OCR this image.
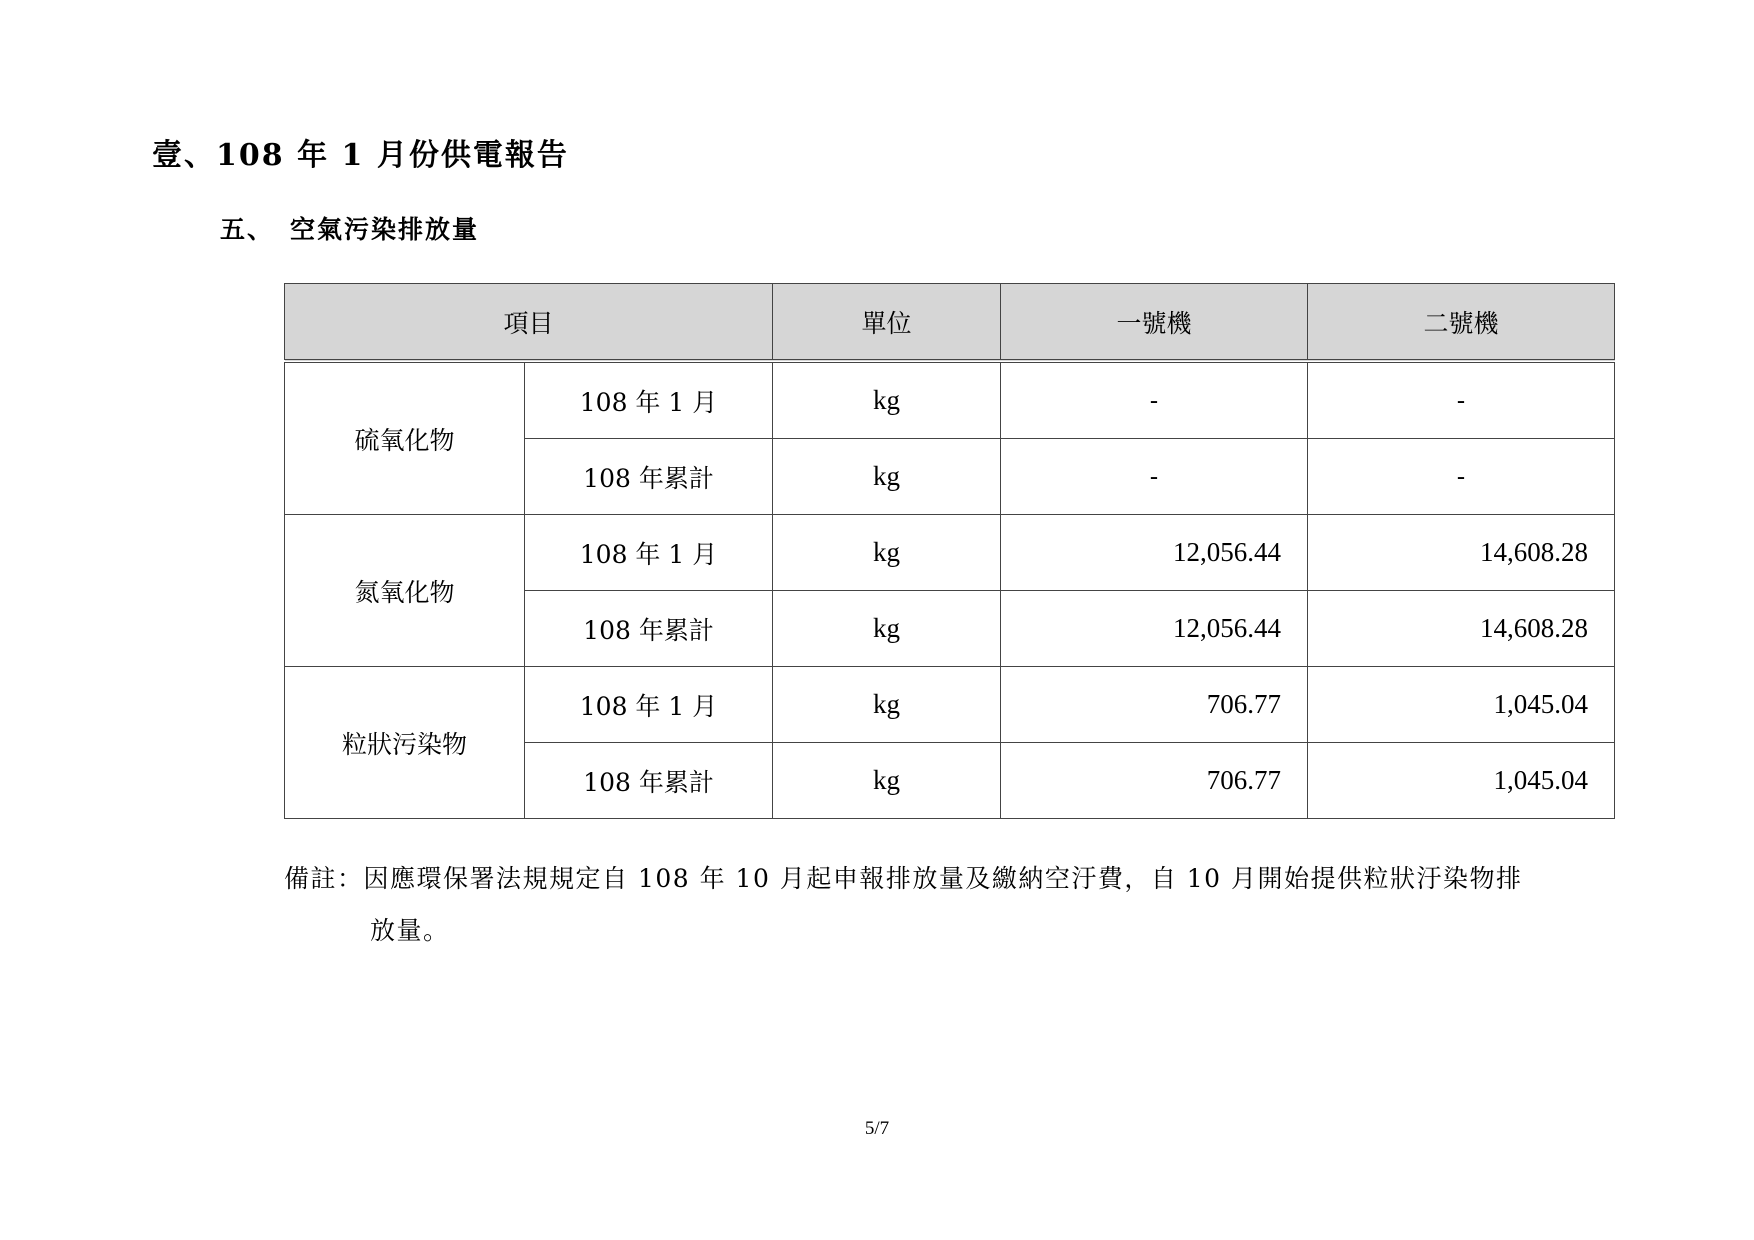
壹、108 年 1 月份供電報告
五、 空氣污染排放量
項目		單位	一號機	二號機
硫氧化物	108 年 1 月	kg	-	-
	108 年累計	kg	-	-
氮氧化物	108 年 1 月	kg	12,056.44	14,608.28
	108 年累計	kg	12,056.44	14,608.28
粒狀污染物	108 年 1 月	kg	706.77	1,045.04
	108 年累計	kg	706.77	1,045.04
備註：因應環保署法規規定自 108 年 10 月起申報排放量及繳納空汙費，自 10 月開始提供粒狀汙染物排
放量。
5/7
